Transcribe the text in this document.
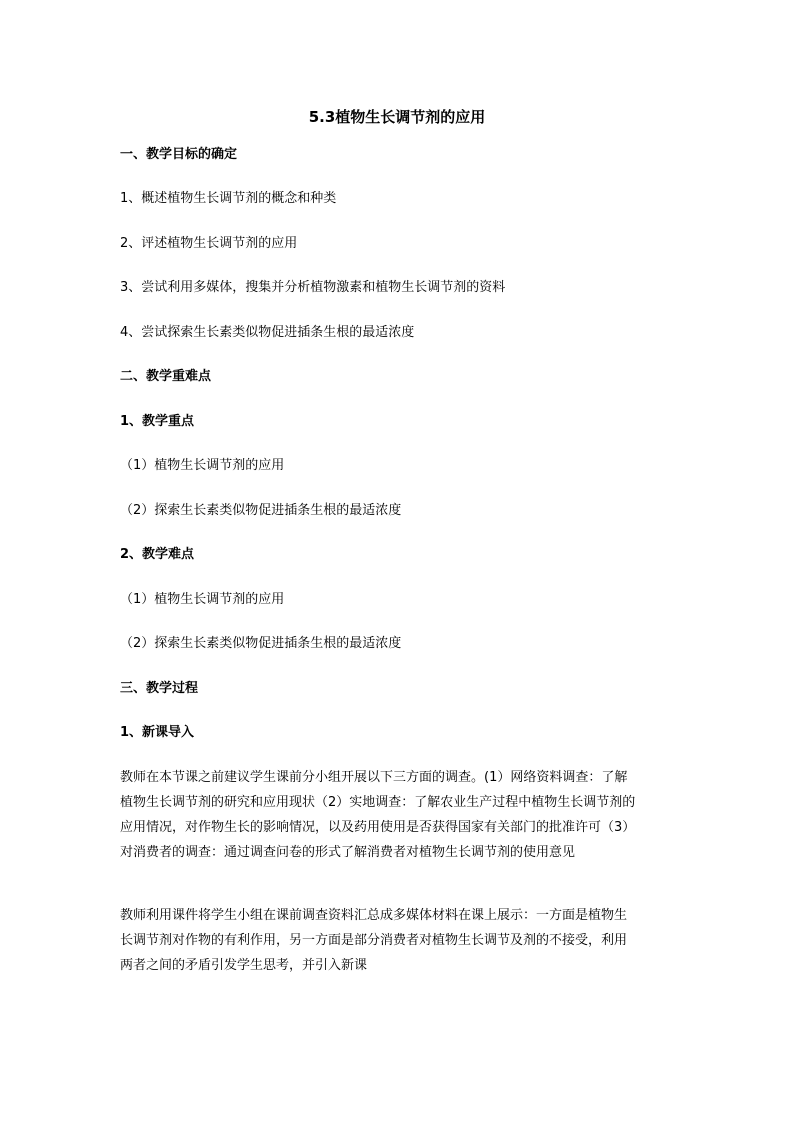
5.3植物生长调节剂的应用
一、教学目标的确定
1、概述植物生长调节剂的概念和种类
2、评述植物生长调节剂的应用
3、尝试利用多媒体，搜集并分析植物激素和植物生长调节剂的资料
4、尝试探索生长素类似物促进插条生根的最适浓度
二、教学重难点
1、教学重点
（1）植物生长调节剂的应用
（2）探索生长素类似物促进插条生根的最适浓度
2、教学难点
（1）植物生长调节剂的应用
（2）探索生长素类似物促进插条生根的最适浓度
三、教学过程
1、新课导入
教师在本节课之前建议学生课前分小组开展以下三方面的调查。(1）网络资料调查：了解
植物生长调节剂的研究和应用现状（2）实地调查：了解农业生产过程中植物生长调节剂的
应用情况，对作物生长的影响情况，以及药用使用是否获得国家有关部门的批准许可（3）
对消费者的调查：通过调查问卷的形式了解消费者对植物生长调节剂的使用意见
教师利用课件将学生小组在课前调查资料汇总成多媒体材料在课上展示：一方面是植物生
长调节剂对作物的有利作用，另一方面是部分消费者对植物生长调节及剂的不接受，利用
两者之间的矛盾引发学生思考，并引入新课
